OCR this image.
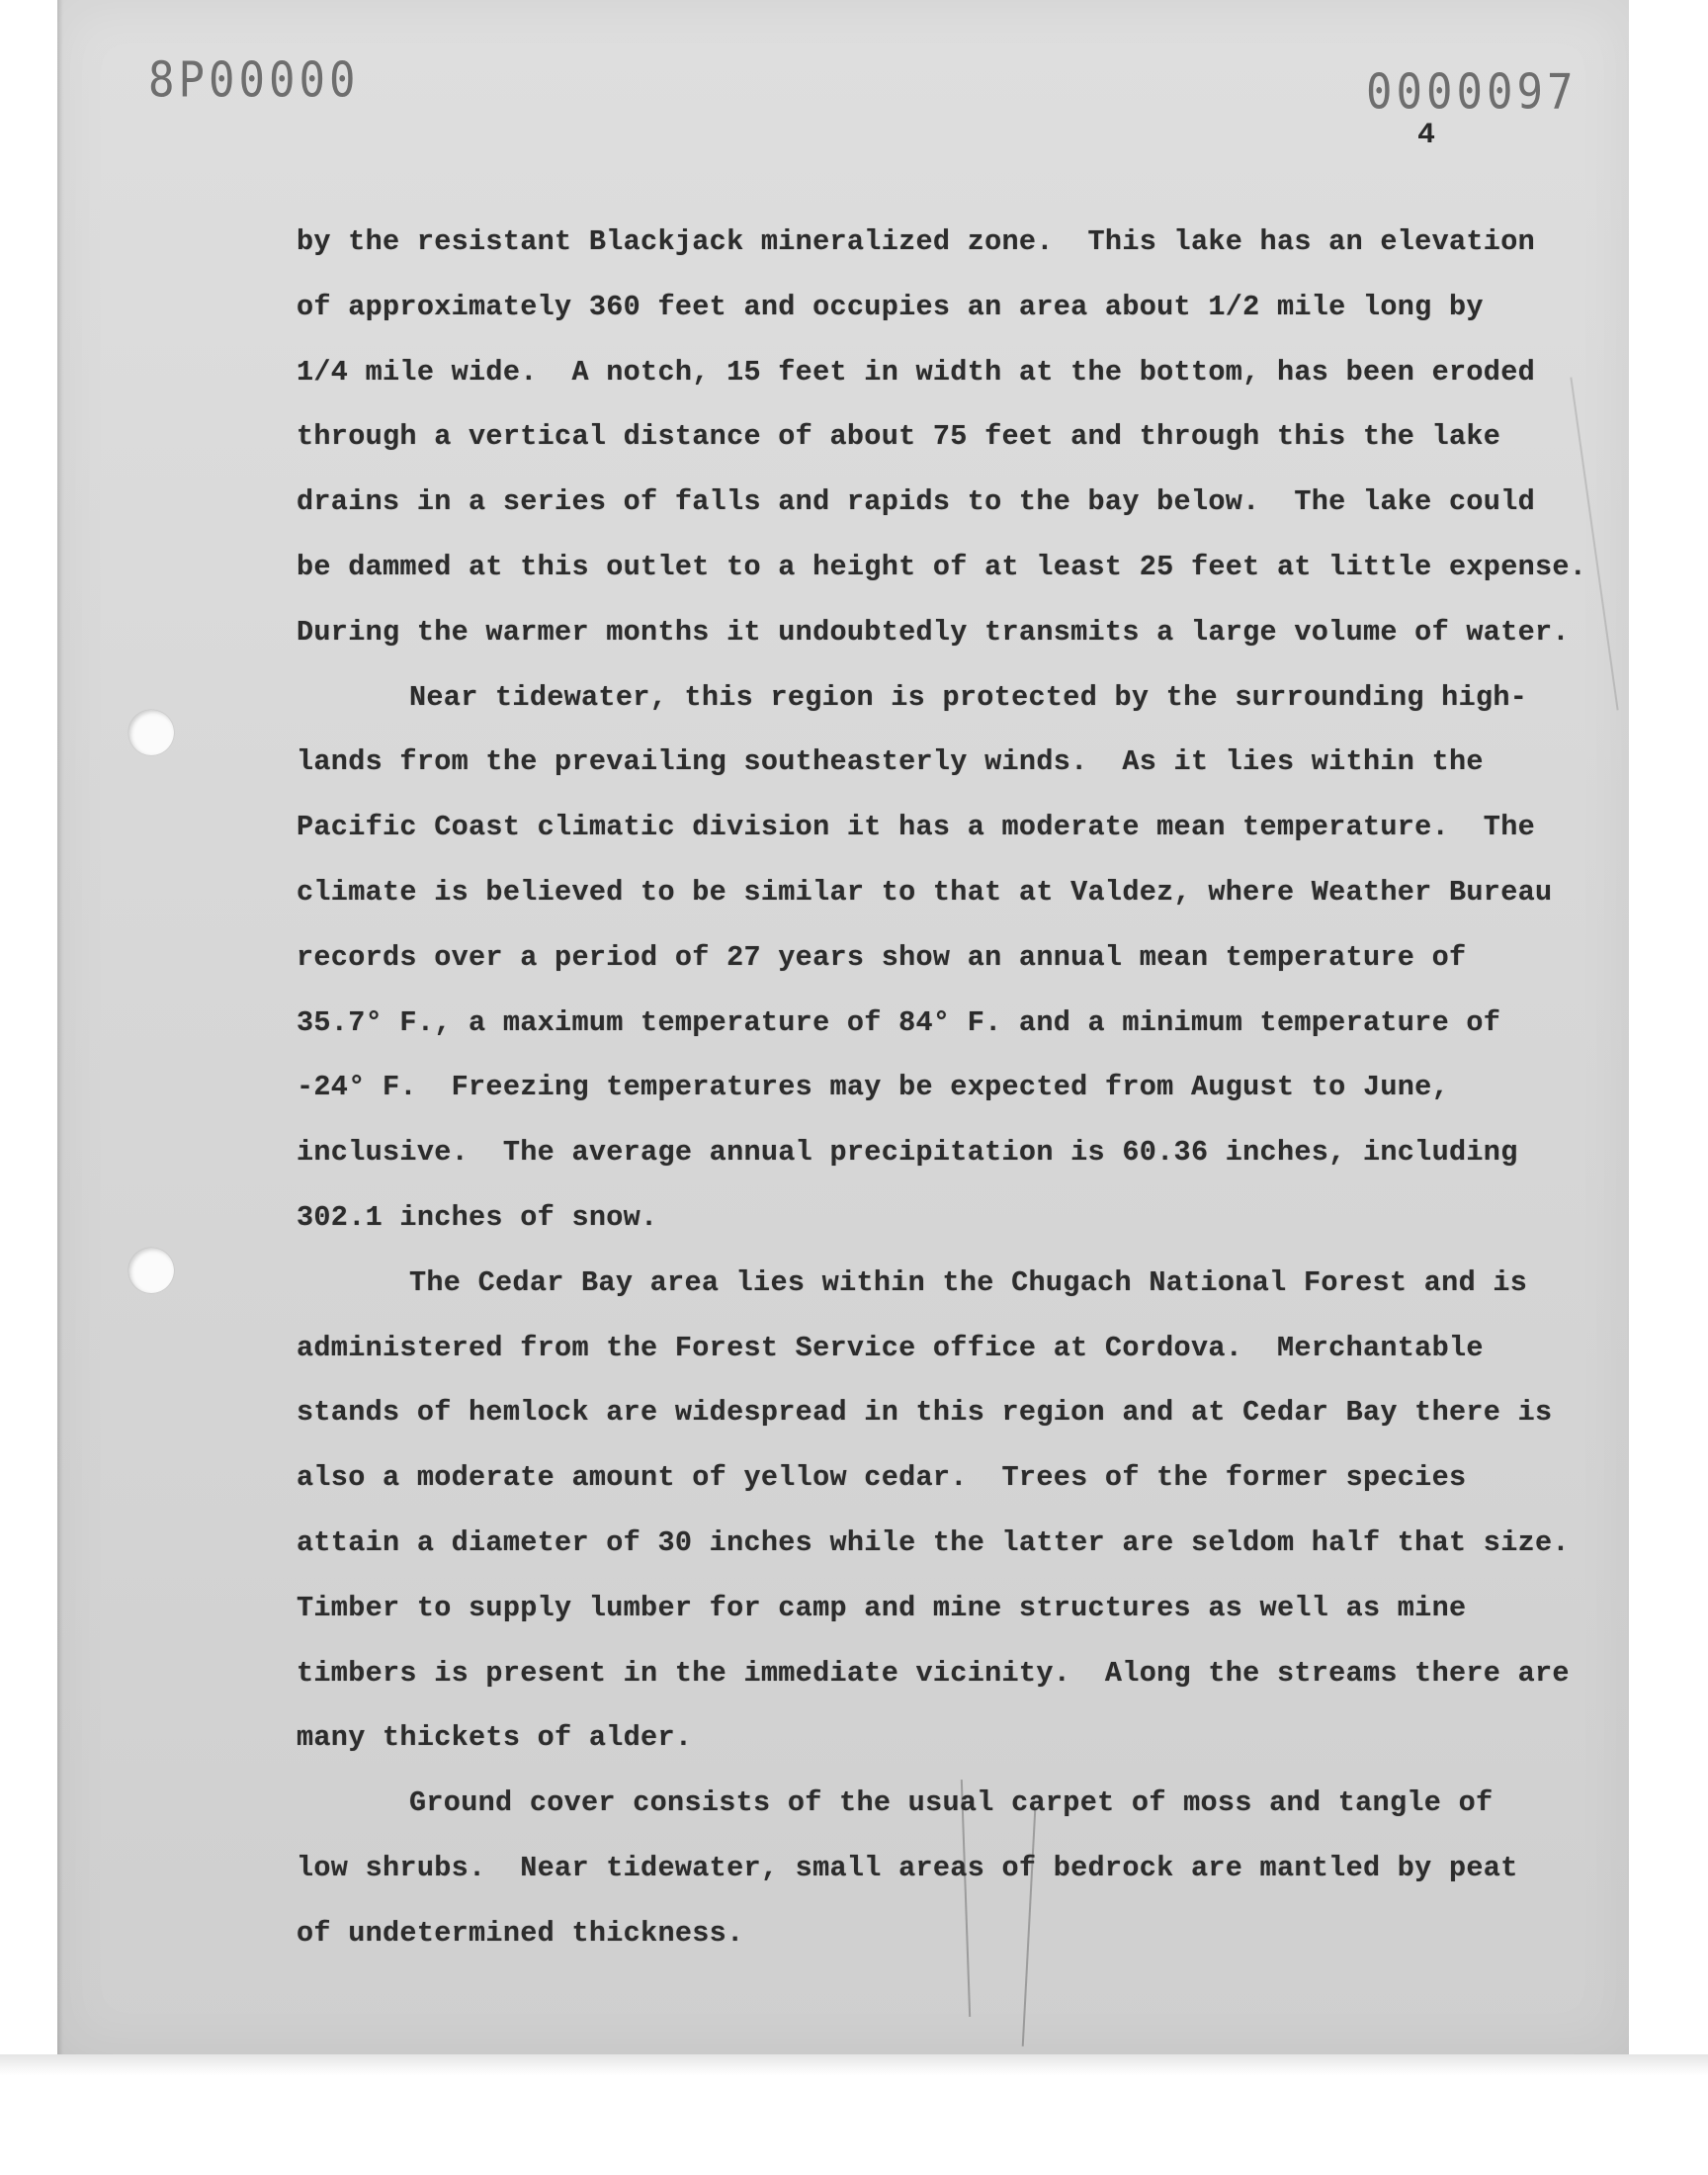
8P00000	0000097
4
by the resistant Blackjack mineralized zone.  This lake has an elevation
of approximately 360 feet and occupies an area about 1/2 mile long by
1/4 mile wide.  A notch, 15 feet in width at the bottom, has been eroded
through a vertical distance of about 75 feet and through this the lake
drains in a series of falls and rapids to the bay below.  The lake could
be dammed at this outlet to a height of at least 25 feet at little expense.
During the warmer months it undoubtedly transmits a large volume of water.
Near tidewater, this region is protected by the surrounding high-
lands from the prevailing southeasterly winds.  As it lies within the
Pacific Coast climatic division it has a moderate mean temperature.  The
climate is believed to be similar to that at Valdez, where Weather Bureau
records over a period of 27 years show an annual mean temperature of
35.7° F., a maximum temperature of 84° F. and a minimum temperature of
-24° F.  Freezing temperatures may be expected from August to June,
inclusive.  The average annual precipitation is 60.36 inches, including
302.1 inches of snow.
The Cedar Bay area lies within the Chugach National Forest and is
administered from the Forest Service office at Cordova.  Merchantable
stands of hemlock are widespread in this region and at Cedar Bay there is
also a moderate amount of yellow cedar.  Trees of the former species
attain a diameter of 30 inches while the latter are seldom half that size.
Timber to supply lumber for camp and mine structures as well as mine
timbers is present in the immediate vicinity.  Along the streams there are
many thickets of alder.
Ground cover consists of the usual carpet of moss and tangle of
low shrubs.  Near tidewater, small areas of bedrock are mantled by peat
of undetermined thickness.
